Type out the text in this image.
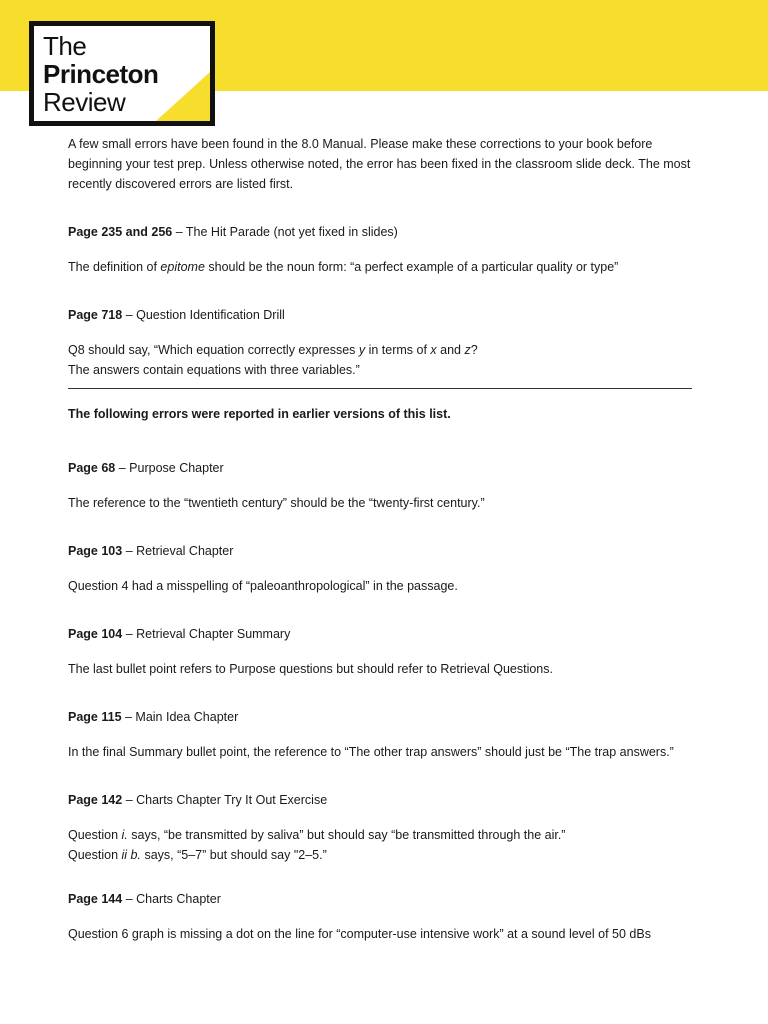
The
Princeton
Review

A few small errors have been found in the 8.0 Manual. Please make these corrections to your book before beginning your test prep. Unless otherwise noted, the error has been fixed in the classroom slide deck. The most recently discovered errors are listed first.

Page 235 and 256 – The Hit Parade (not yet fixed in slides)

The definition of epitome should be the noun form: “a perfect example of a particular quality or type”

Page 718 – Question Identification Drill

Q8 should say, “Which equation correctly expresses y in terms of x and z?

The answers contain equations with three variables.”

The following errors were reported in earlier versions of this list.

Page 68 – Purpose Chapter

The reference to the “twentieth century” should be the “twenty-first century.”

Page 103 – Retrieval Chapter

Question 4 had a misspelling of “paleoanthropological” in the passage.

Page 104 – Retrieval Chapter Summary

The last bullet point refers to Purpose questions but should refer to Retrieval Questions.

Page 115 – Main Idea Chapter

In the final Summary bullet point, the reference to “The other trap answers” should just be “The trap answers.”

Page 142 – Charts Chapter Try It Out Exercise

Question i. says, “be transmitted by saliva” but should say “be transmitted through the air.”

Question ii b. says, “5–7” but should say "2–5.”

Page 144 – Charts Chapter

Question 6 graph is missing a dot on the line for “computer-use intensive work” at a sound level of 50 dBs
